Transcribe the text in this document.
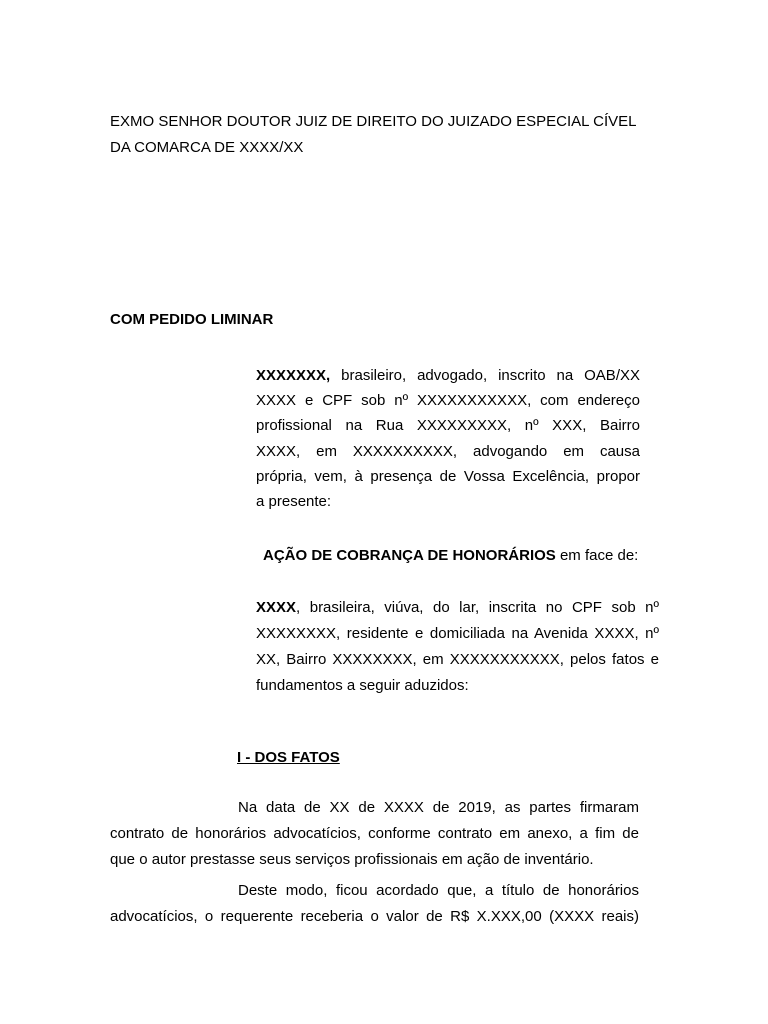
EXMO SENHOR DOUTOR JUIZ DE DIREITO DO JUIZADO ESPECIAL CÍVEL
DA COMARCA DE XXXX/XX
COM PEDIDO LIMINAR
XXXXXXX, brasileiro, advogado, inscrito na OAB/XX
XXXX e CPF sob nº XXXXXXXXXXX, com endereço
profissional na Rua XXXXXXXXX, nº XXX, Bairro
XXXX, em XXXXXXXXXX, advogando em causa
própria, vem, à presença de Vossa Excelência, propor
a presente:
AÇÃO DE COBRANÇA DE HONORÁRIOS em face de:
XXXX, brasileira, viúva, do lar, inscrita no CPF sob nº
XXXXXXXX, residente e domiciliada na Avenida XXXX, nº
XX, Bairro XXXXXXXX, em XXXXXXXXXXX, pelos fatos e
fundamentos a seguir aduzidos:
I - DOS FATOS
Na data de XX de XXXX de 2019, as partes firmaram
contrato de honorários advocatícios, conforme contrato em anexo, a fim de
que o autor prestasse seus serviços profissionais em ação de inventário.
Deste modo, ficou acordado que, a título de honorários
advocatícios, o requerente receberia o valor de R$ X.XXX,00 (XXXX reais)
